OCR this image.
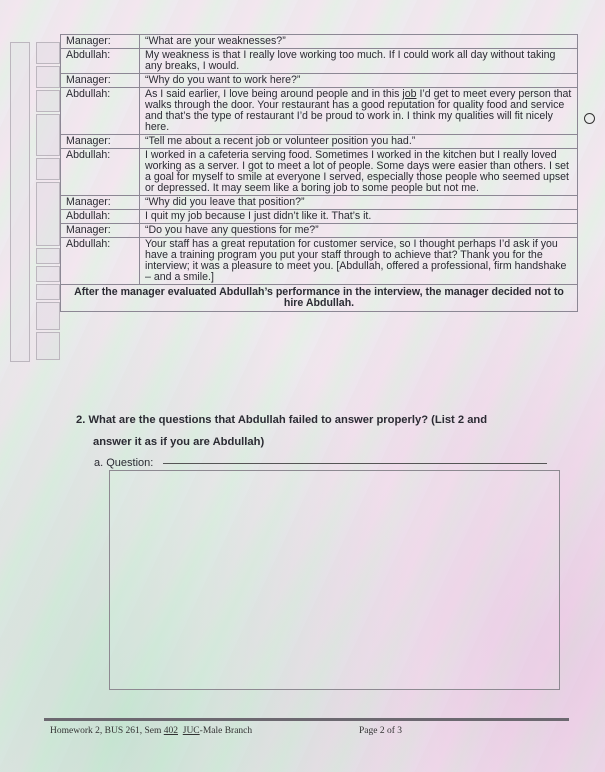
Manager:	“What are your weaknesses?”
Abdullah:	My weakness is that I really love working too much. If I could work all day without taking any breaks, I would.
Manager:	“Why do you want to work here?”
Abdullah:	As I said earlier, I love being around people and in this job I’d get to meet every person that walks through the door. Your restaurant has a good reputation for quality food and service and that’s the type of restaurant I’d be proud to work in. I think my qualities will fit nicely here.
Manager:	“Tell me about a recent job or volunteer position you had.”
Abdullah:	I worked in a cafeteria serving food. Sometimes I worked in the kitchen but I really loved working as a server. I got to meet a lot of people. Some days were easier than others. I set a goal for myself to smile at everyone I served, especially those people who seemed upset or depressed. It may seem like a boring job to some people but not me.
Manager:	“Why did you leave that position?”
Abdullah:	I quit my job because I just didn’t like it. That’s it.
Manager:	“Do you have any questions for me?”
Abdullah:	Your staff has a great reputation for customer service, so I thought perhaps I’d ask if you have a training program you put your staff through to achieve that? Thank you for the interview; it was a pleasure to meet you. [Abdullah, offered a professional, firm handshake – and a smile.]
After the manager evaluated Abdullah’s performance in the interview, the manager decided not to hire Abdullah.	
2. What are the questions that Abdullah failed to answer properly? (List 2 and
answer it as if you are Abdullah)
a. Question:
Homework 2, BUS 261, Sem 402 JUC-Male Branch	Page 2 of 3
